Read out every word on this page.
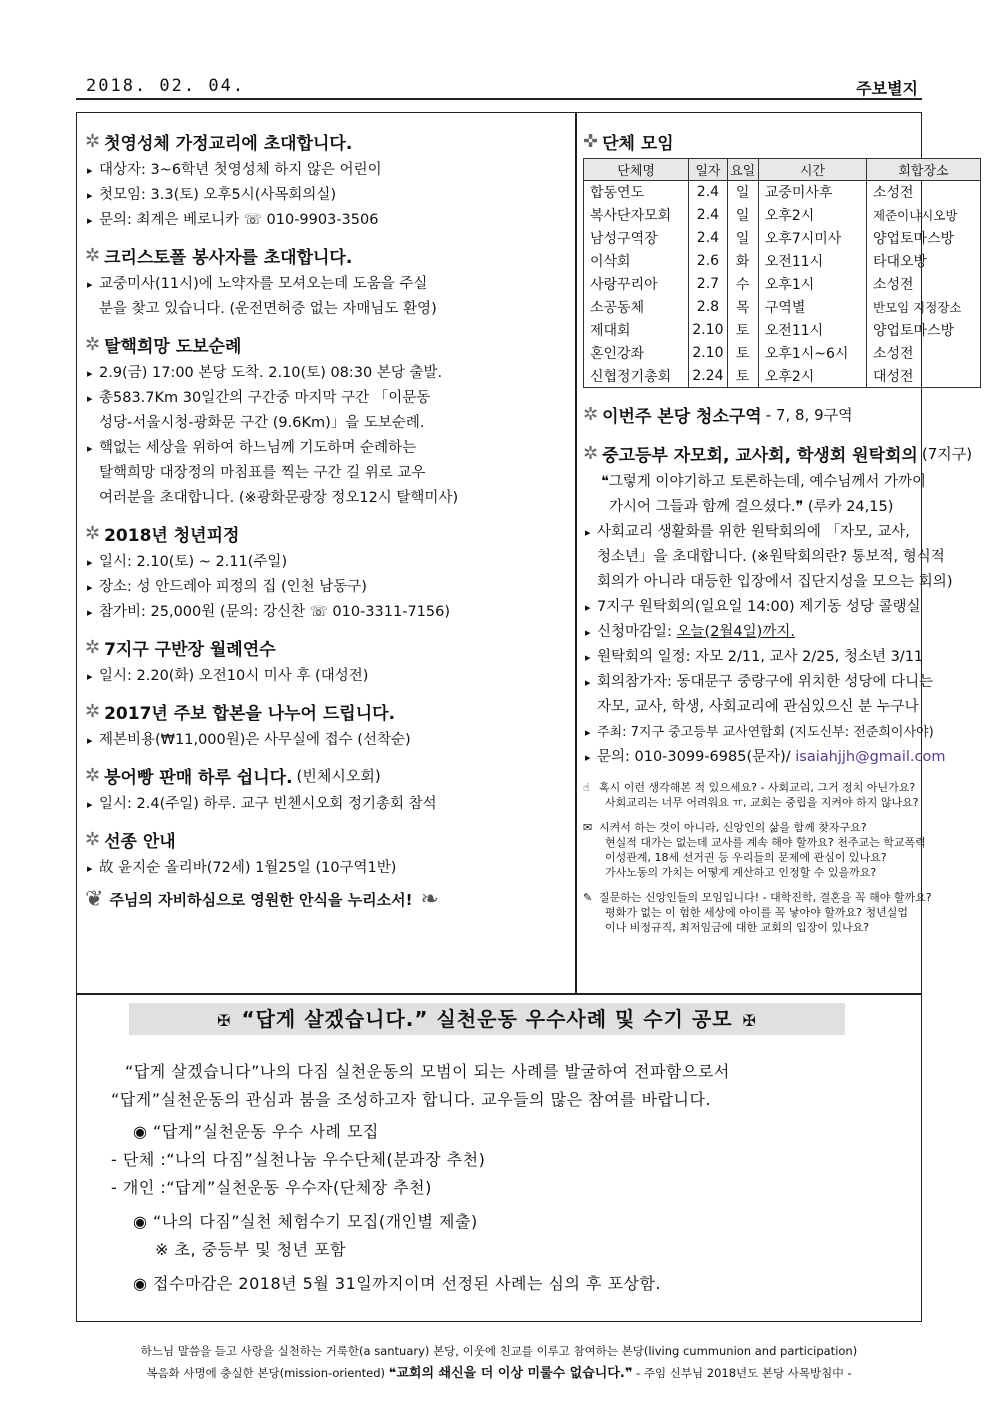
2018. 02. 04.	주보별지
✲ 첫영성체 가정교리에 초대합니다.
▸ 대상자: 3~6학년 첫영성체 하지 않은 어린이
▸ 첫모임: 3.3(토) 오후5시(사목회의실)
▸ 문의: 최계은 베로니카 ☏ 010-9903-3506
✲ 크리스토폴 봉사자를 초대합니다.
▸ 교중미사(11시)에 노약자를 모셔오는데 도움을 주실
분을 찾고 있습니다. (운전면허증 없는 자매님도 환영)
✲ 탈핵희망 도보순례
▸ 2.9(금) 17:00 본당 도착. 2.10(토) 08:30 본당 출발.
▸ 총583.7Km 30일간의 구간중 마지막 구간 「이문동
성당-서울시청-광화문 구간 (9.6Km)」을 도보순례.
▸ 핵없는 세상을 위하여 하느님께 기도하며 순례하는
탈핵희망 대장정의 마침표를 찍는 구간 길 위로 교우
여러분을 초대합니다. (※광화문광장 정오12시 탈핵미사)
✲ 2018년 청년피정
▸ 일시: 2.10(토) ~ 2.11(주일)
▸ 장소: 성 안드레아 피정의 집 (인천 남동구)
▸ 참가비: 25,000원 (문의: 강신찬 ☏ 010-3311-7156)
✲ 7지구 구반장 월례연수
▸ 일시: 2.20(화) 오전10시 미사 후 (대성전)
✲ 2017년 주보 합본을 나누어 드립니다.
▸ 제본비용(₩11,000원)은 사무실에 접수 (선착순)
✲ 붕어빵 판매 하루 쉽니다. (빈체시오회)
▸ 일시: 2.4(주일) 하루. 교구 빈첸시오회 정기총회 참석
✲ 선종 안내
▸ 故 윤지순 올리바(72세) 1월25일 (10구역1반)
❦ 주님의 자비하심으로 영원한 안식을 누리소서! ❧
✜ 단체 모임
단체명	일자	요일	시간	회합장소
합동연도	2.4	일	교중미사후	소성전
복사단자모회	2.4	일	오후2시	제준이냐시오방
남성구역장	2.4	일	오후7시미사	양업토마스방
이삭회	2.6	화	오전11시	타대오방
사랑꾸리아	2.7	수	오후1시	소성전
소공동체	2.8	목	구역별	반모임 지정장소
제대회	2.10	토	오전11시	양업토마스방
혼인강좌	2.10	토	오후1시~6시	소성전
신협정기총회	2.24	토	오후2시	대성전
✲ 이번주 본당 청소구역 - 7, 8, 9구역
✲ 중고등부 자모회, 교사회, 학생회 원탁회의 (7지구)
❝그렇게 이야기하고 토론하는데, 예수님께서 가까이
가시어 그들과 함께 걸으셨다.❞ (루카 24,15)
▸ 사회교리 생활화를 위한 원탁회의에 「자모, 교사,
청소년」을 초대합니다. (※원탁회의란? 통보적, 형식적
회의가 아니라 대등한 입장에서 집단지성을 모으는 회의)
▸ 7지구 원탁회의(일요일 14:00) 제기동 성당 콜랭실
▸ 신청마감일: 오늘(2월4일)까지.
▸ 원탁회의 일정: 자모 2/11, 교사 2/25, 청소년 3/11
▸ 회의참가자: 동대문구 중랑구에 위치한 성당에 다니는
자모, 교사, 학생, 사회교리에 관심있으신 분 누구나
▸ 주최: 7지구 중고등부 교사연합회 (지도신부: 전준희이사야)
▸ 문의: 010-3099-6985(문자)/ isaiahjjh@gmail.com
☝ 혹시 이런 생각해본 적 있으세요? - 사회교리, 그거 정치 아닌가요?
사회교리는 너무 어려워요 ㅠ, 교회는 중립을 지켜야 하지 않나요?
✉ 시켜서 하는 것이 아니라, 신앙인의 삶을 함께 찾자구요?
현실적 대가는 없는데 교사를 계속 해야 할까요? 천주교는 학교폭력
이성관계, 18세 선거권 등 우리들의 문제에 관심이 있나요?
가사노동의 가치는 어떻게 계산하고 인정할 수 있을까요?
✎ 질문하는 신앙인들의 모임입니다! - 대학진학, 결혼을 꼭 해야 할까요?
평화가 없는 이 험한 세상에 아이를 꼭 낳아야 할까요? 청년실업
이나 비정규직, 최저임금에 대한 교회의 입장이 있나요?
✠ “답게 살겠습니다.” 실천운동 우수사례 및 수기 공모 ✠
“답게 살겠습니다”나의 다짐 실천운동의 모범이 되는 사례를 발굴하여 전파함으로서
“답게”실천운동의 관심과 붐을 조성하고자 합니다. 교우들의 많은 참여를 바랍니다.
◉ “답게”실천운동 우수 사례 모집
- 단체 :“나의 다짐”실천나눔 우수단체(분과장 추천)
- 개인 :“답게”실천운동 우수자(단체장 추천)
◉ “나의 다짐”실천 체험수기 모집(개인별 제출)
※ 초, 중등부 및 청년 포함
◉ 접수마감은 2018년 5월 31일까지이며 선정된 사례는 심의 후 포상함.
하느님 말씀을 듣고 사랑을 실천하는 거룩한(a santuary) 본당, 이웃에 친교를 이루고 참여하는 본당(living cummunion and participation)
복음화 사명에 충실한 본당(mission-oriented) ❝교회의 쇄신을 더 이상 미룰수 없습니다.❞ - 주임 신부님 2018년도 본당 사목방침中 -
